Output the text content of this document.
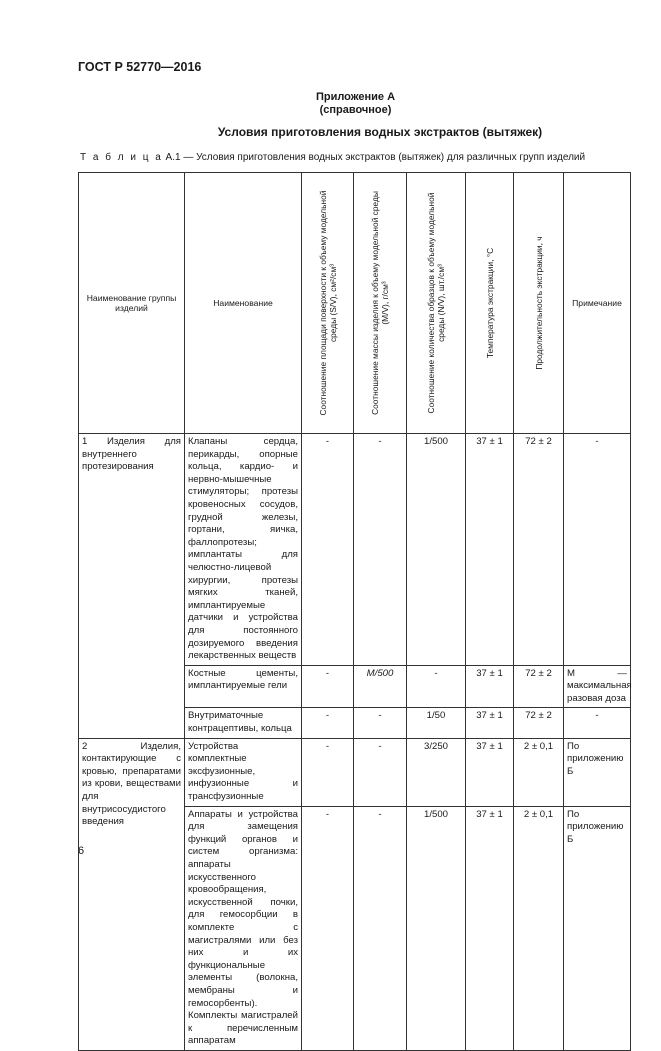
ГОСТ Р 52770—2016
Приложение А
(справочное)
Условия приготовления водных экстрактов (вытяжек)
Т а б л и ц а А.1 — Условия приготовления водных экстрактов (вытяжек) для различных групп изделий
Наименование группы изделий	Наименование	Соотношение площади поверхности к объему модельной среды (S/V), см²/см³	Соотношение массы изделия к объему модельной среды (M/V), г/см³	Соотношение количества образцов к объему модельной среды (N/V), шт./см³	Температура экстракции, °С	Продолжительность экстракции, ч	Примечание
1 Изделия для внутреннего протезирования	Клапаны сердца, перикарды, опорные кольца, кардио- и нервно-мышечные стимуляторы; протезы кровеносных сосудов, грудной железы, гортани, яичка, фаллопротезы; имплантаты для челюстно-лицевой хирургии, протезы мягких тканей, имплантируемые датчики и устройства для постоянного дозируемого введения лекарственных веществ	-	-	1/500	37 ± 1	72 ± 2	-
	Костные цементы, имплантируемые гели	-	M/500	-	37 ± 1	72 ± 2	М — максимальная разовая доза
	Внутриматочные контрацептивы, кольца	-	-	1/50	37 ± 1	72 ± 2	-
2 Изделия, контактирующие с кровью, препаратами из крови, веществами для внутрисосудистого введения	Устройства комплектные эксфузионные, инфузионные и трансфузионные	-	-	3/250	37 ± 1	2 ± 0,1	По приложению Б
	Аппараты и устройства для замещения функций органов и систем организма: аппараты искусственного кровообращения, искусственной почки, для гемосорбции в комплекте с магистралями или без них и их функциональные элементы (волокна, мембраны и гемосорбенты). Комплекты магистралей к перечисленным аппаратам	-	-	1/500	37 ± 1	2 ± 0,1	По приложению Б
6
